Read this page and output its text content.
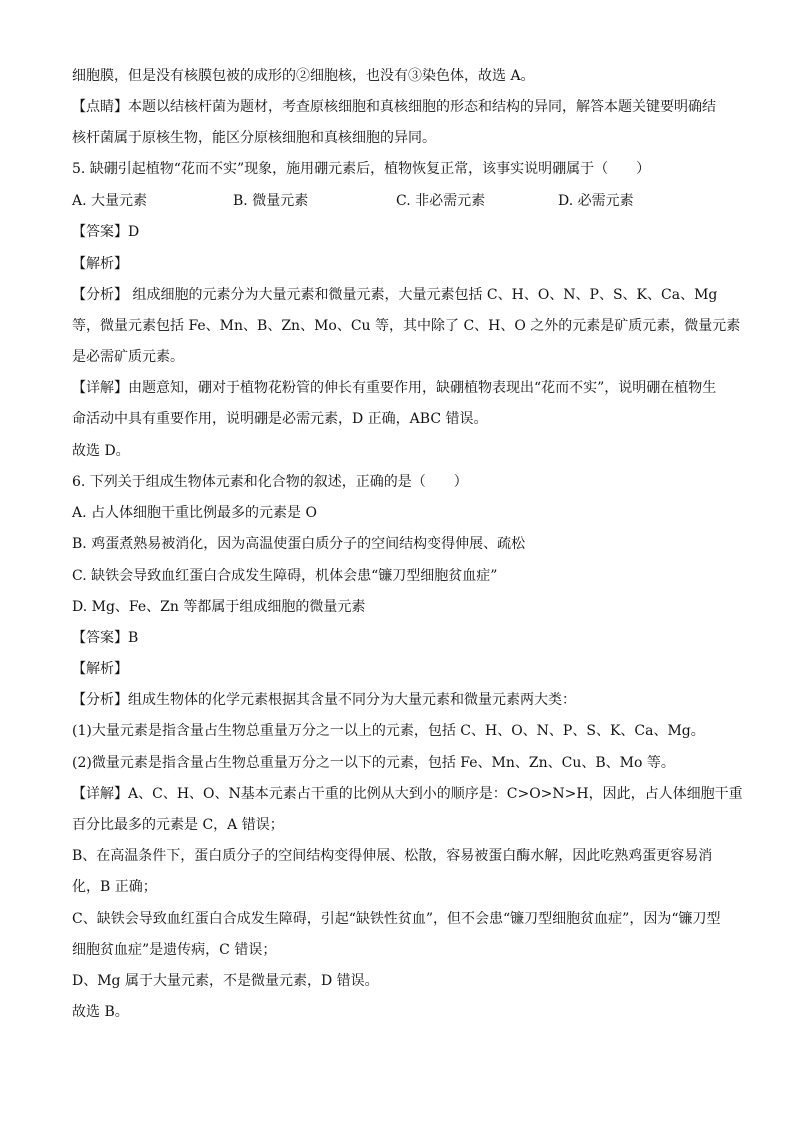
细胞膜，但是没有核膜包被的成形的②细胞核，也没有③染色体，故选 A。
【点睛】本题以结核杆菌为题材，考查原核细胞和真核细胞的形态和结构的异同，解答本题关键要明确结
核杆菌属于原核生物，能区分原核细胞和真核细胞的异同。
5. 缺硼引起植物“花而不实”现象，施用硼元素后，植物恢复正常，该事实说明硼属于（　　）
A. 大量元素	B. 微量元素	C. 非必需元素	D. 必需元素
【答案】D
【解析】
【分析】 组成细胞的元素分为大量元素和微量元素，大量元素包括 C、H、O、N、P、S、K、Ca、Mg
等，微量元素包括 Fe、Mn、B、Zn、Mo、Cu 等，其中除了 C、H、O 之外的元素是矿质元素，微量元素
是必需矿质元素。
【详解】由题意知，硼对于植物花粉管的伸长有重要作用，缺硼植物表现出“花而不实”，说明硼在植物生
命活动中具有重要作用，说明硼是必需元素，D 正确，ABC 错误。
故选 D。
6. 下列关于组成生物体元素和化合物的叙述，正确的是（　　）
A. 占人体细胞干重比例最多的元素是 O
B. 鸡蛋煮熟易被消化，因为高温使蛋白质分子的空间结构变得伸展、疏松
C. 缺铁会导致血红蛋白合成发生障碍，机体会患“镰刀型细胞贫血症”
D. Mg、Fe、Zn 等都属于组成细胞的微量元素
【答案】B
【解析】
【分析】组成生物体的化学元素根据其含量不同分为大量元素和微量元素两大类：
(1)大量元素是指含量占生物总重量万分之一以上的元素，包括 C、H、O、N、P、S、K、Ca、Mg。
(2)微量元素是指含量占生物总重量万分之一以下的元素，包括 Fe、Mn、Zn、Cu、B、Mo 等。
【详解】A、C、H、O、N基本元素占干重的比例从大到小的顺序是：C>O>N>H，因此，占人体细胞干重
百分比最多的元素是 C，A 错误；
B、在高温条件下，蛋白质分子的空间结构变得伸展、松散，容易被蛋白酶水解，因此吃熟鸡蛋更容易消
化，B 正确；
C、缺铁会导致血红蛋白合成发生障碍，引起“缺铁性贫血”，但不会患“镰刀型细胞贫血症”，因为“镰刀型
细胞贫血症”是遗传病，C 错误；
D、Mg 属于大量元素，不是微量元素，D 错误。
故选 B。
